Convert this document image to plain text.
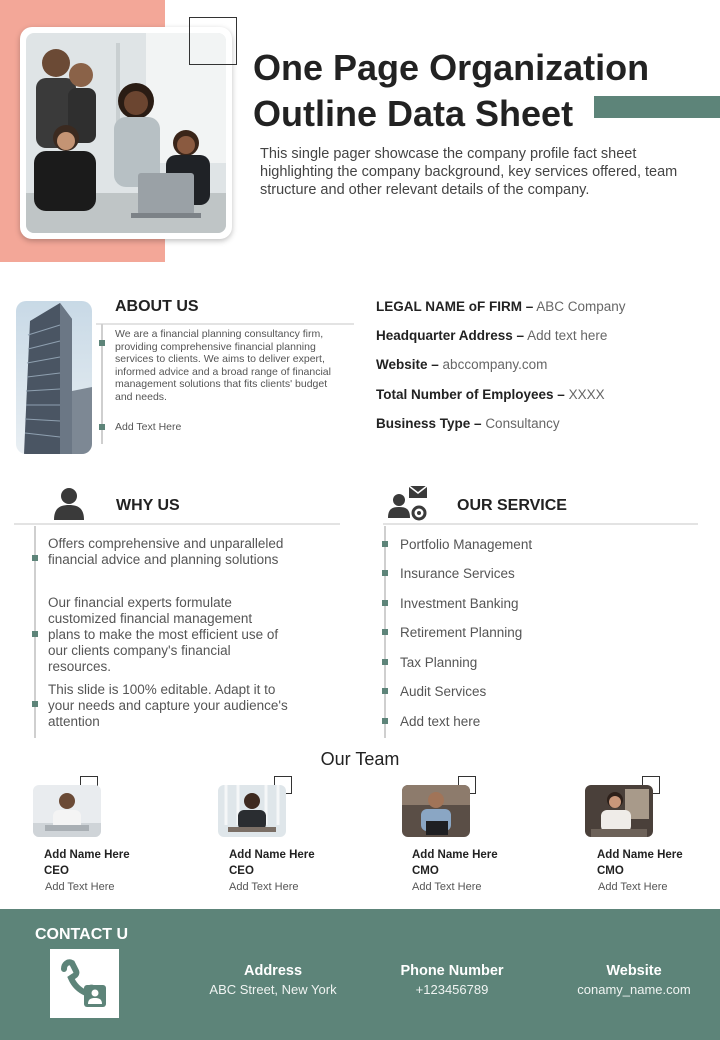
One Page Organization
Outline Data Sheet
This single pager showcase the company profile fact sheet highlighting the company background, key services offered, team structure and other relevant details of the company.
ABOUT US
We are a financial planning consultancy firm, providing comprehensive financial planning services to clients. We aims to deliver expert, informed advice and a broad range of financial management solutions that fits clients' budget and needs.
Add Text Here
LEGAL NAME oF FIRM – ABC Company
Headquarter Address – Add text here
Website – abccompany.com
Total Number of Employees – XXXX
Business Type – Consultancy
WHY US
Offers comprehensive and unparalleled financial advice and planning solutions
Our financial experts formulate customized financial management plans to make the most efficient use of our clients company's financial resources.
This slide is 100% editable. Adapt it to your needs and capture your audience's attention
OUR SERVICE
Portfolio Management
Insurance Services
Investment Banking
Retirement Planning
Tax Planning
Audit Services
Add text here
Our Team
Add Name Here
CEO
Add Text Here
Add Name Here
CEO
Add Text Here
Add Name Here
CMO
Add Text Here
Add Name Here
CMO
Add Text Here
CONTACT U
Address
ABC Street, New York
Phone Number
+123456789
Website
conamy_name.com
